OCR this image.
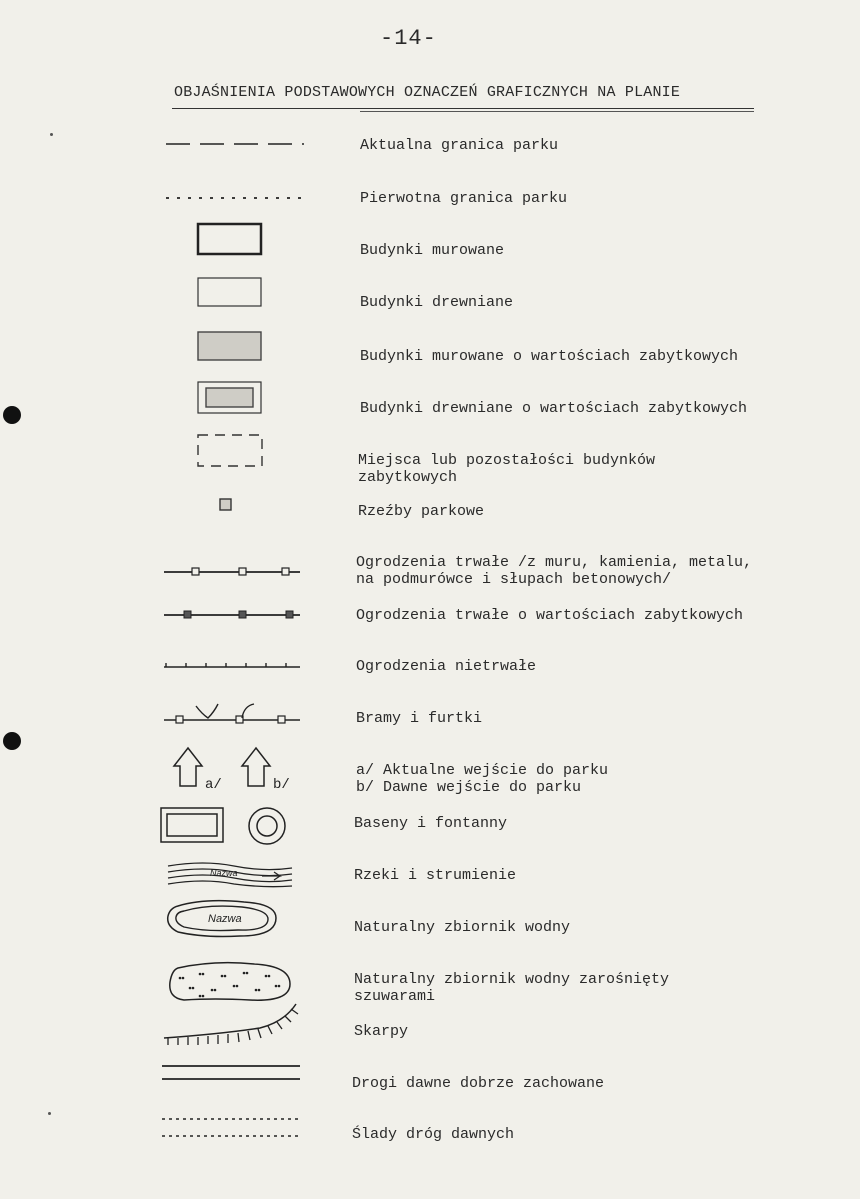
-14-
OBJAŚNIENIA PODSTAWOWYCH OZNACZEŃ GRAFICZNYCH NA PLANIE
Aktualna granica parku
Pierwotna granica parku
Budynki murowane
Budynki drewniane
Budynki murowane o wartościach zabytkowych
Budynki drewniane o wartościach zabytkowych
Miejsca lub pozostałości budynków
zabytkowych
Rzeźby parkowe
Ogrodzenia trwałe /z muru, kamienia, metalu,
na podmurówce i słupach betonowych/
Ogrodzenia trwałe o wartościach zabytkowych
Ogrodzenia nietrwałe
Bramy i furtki
a/	b/
a/ Aktualne wejście do parku
b/ Dawne wejście do parku
Baseny i fontanny
Nazwa	Rzeki i strumienie
Nazwa	Naturalny zbiornik wodny
Naturalny zbiornik wodny zarośnięty
szuwarami
Skarpy
Drogi dawne dobrze zachowane
Ślady dróg dawnych
